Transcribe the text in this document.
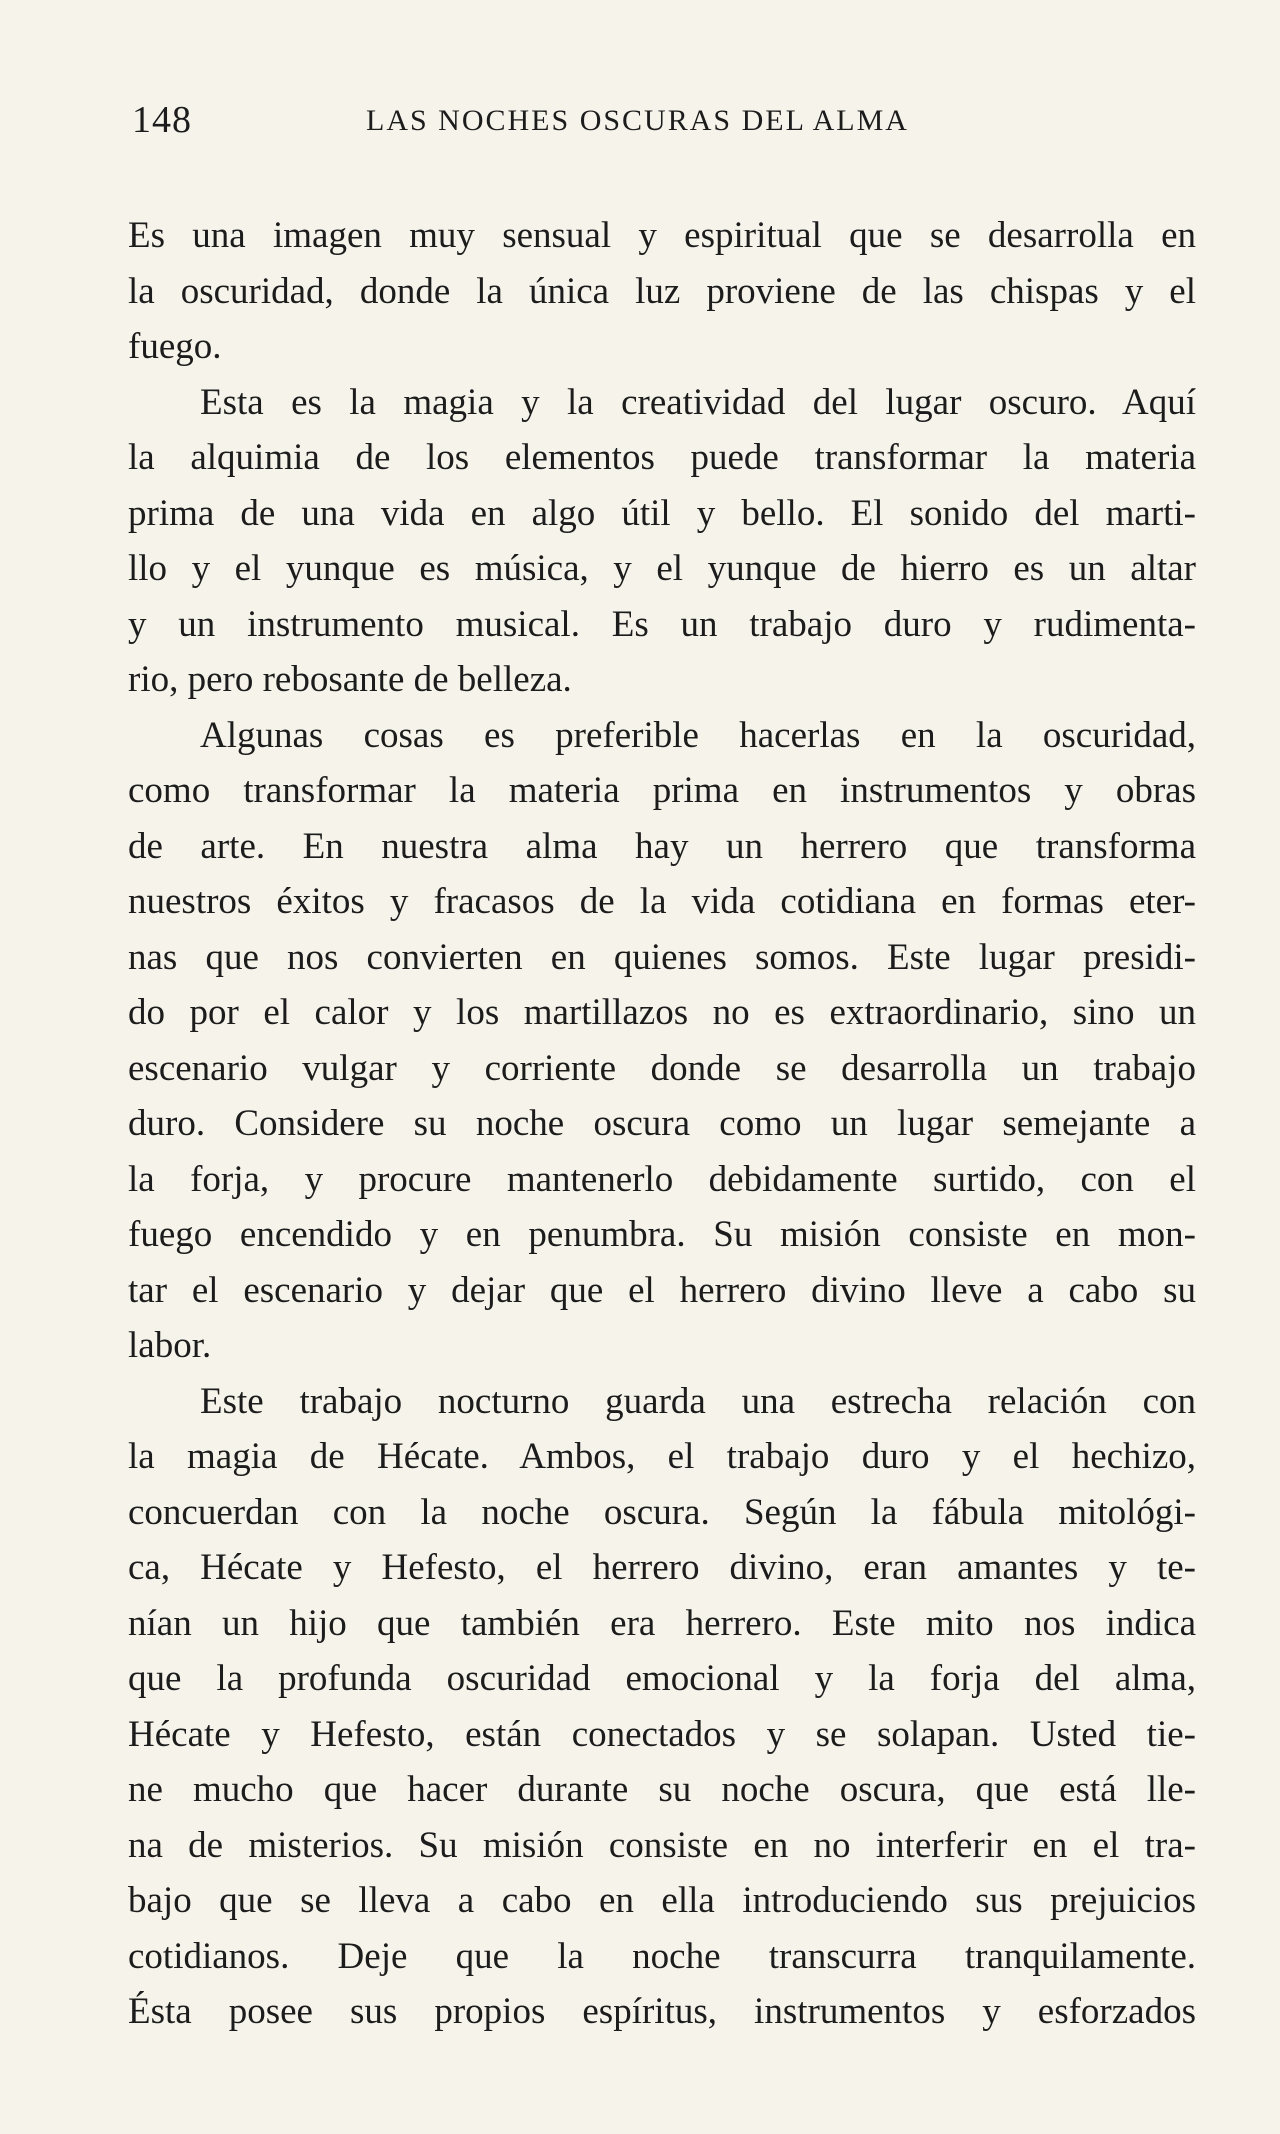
148	LAS NOCHES OSCURAS DEL ALMA
Es una imagen muy sensual y espiritual que se desarrolla en
la oscuridad, donde la única luz proviene de las chispas y el
fuego.
Esta es la magia y la creatividad del lugar oscuro. Aquí
la alquimia de los elementos puede transformar la materia
prima de una vida en algo útil y bello. El sonido del marti-
llo y el yunque es música, y el yunque de hierro es un altar
y un instrumento musical. Es un trabajo duro y rudimenta-
rio, pero rebosante de belleza.
Algunas cosas es preferible hacerlas en la oscuridad,
como transformar la materia prima en instrumentos y obras
de arte. En nuestra alma hay un herrero que transforma
nuestros éxitos y fracasos de la vida cotidiana en formas eter-
nas que nos convierten en quienes somos. Este lugar presidi-
do por el calor y los martillazos no es extraordinario, sino un
escenario vulgar y corriente donde se desarrolla un trabajo
duro. Considere su noche oscura como un lugar semejante a
la forja, y procure mantenerlo debidamente surtido, con el
fuego encendido y en penumbra. Su misión consiste en mon-
tar el escenario y dejar que el herrero divino lleve a cabo su
labor.
Este trabajo nocturno guarda una estrecha relación con
la magia de Hécate. Ambos, el trabajo duro y el hechizo,
concuerdan con la noche oscura. Según la fábula mitológi-
ca, Hécate y Hefesto, el herrero divino, eran amantes y te-
nían un hijo que también era herrero. Este mito nos indica
que la profunda oscuridad emocional y la forja del alma,
Hécate y Hefesto, están conectados y se solapan. Usted tie-
ne mucho que hacer durante su noche oscura, que está lle-
na de misterios. Su misión consiste en no interferir en el tra-
bajo que se lleva a cabo en ella introduciendo sus prejuicios
cotidianos. Deje que la noche transcurra tranquilamente.
Ésta posee sus propios espíritus, instrumentos y esforzados
